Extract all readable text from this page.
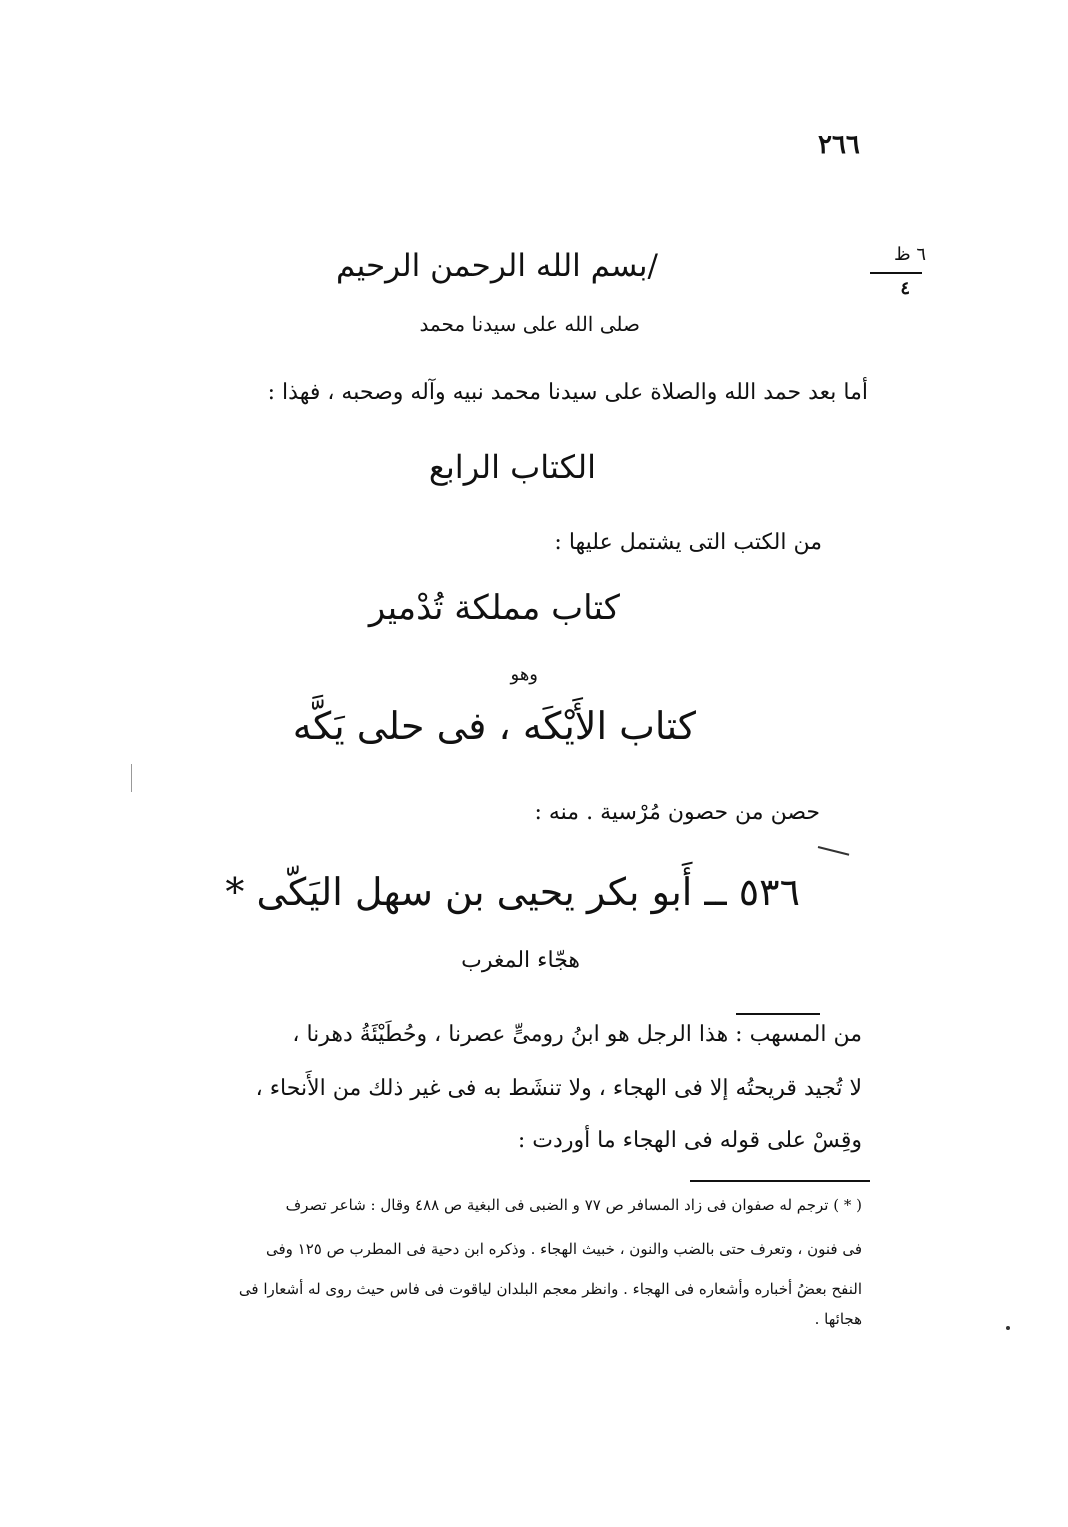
٢٦٦
٦ ظ
٤
/بسم الله الرحمن الرحيم
صلى الله على سيدنا محمد
أما بعد حمد الله والصلاة على سيدنا محمد نبيه وآله وصحبه ، فهذا :
الكتاب الرابع
من الكتب التى يشتمل عليها :
كتاب مملكة تُدْمير
وهو
كتاب الأَيْكَه ، فى حلى يَكَّه
حصن من حصون مُرْسية . منه :
٥٣٦ ــ أَبو بكر يحيى بن سهل اليَكّى *
هجّاء المغرب
من المسهب : هذا الرجل هو ابنُ رومىٍّ عصرنا ، وحُطَيْئَةُ دهرنا ،
لا تُجيد قريحتُه إلا فى الهجاء ، ولا تنشَط به فى غير ذلك من الأَنحاء ،
وقِسْ على قوله فى الهجاء ما أوردت :
( * ) ترجم له صفوان فى زاد المسافر ص ٧٧ و الضبى فى البغية ص ٤٨٨ وقال : شاعر تصرف
فى فنون ، وتعرف حتى بالضب والنون ، خبيث الهجاء . وذكره ابن دحية فى المطرب ص ١٢٥ وفى
النفح بعضُ أخباره وأشعاره فى الهجاء . وانظر معجم البلدان لياقوت فى فاس حيث روى له أشعارا فى
هجائها .
